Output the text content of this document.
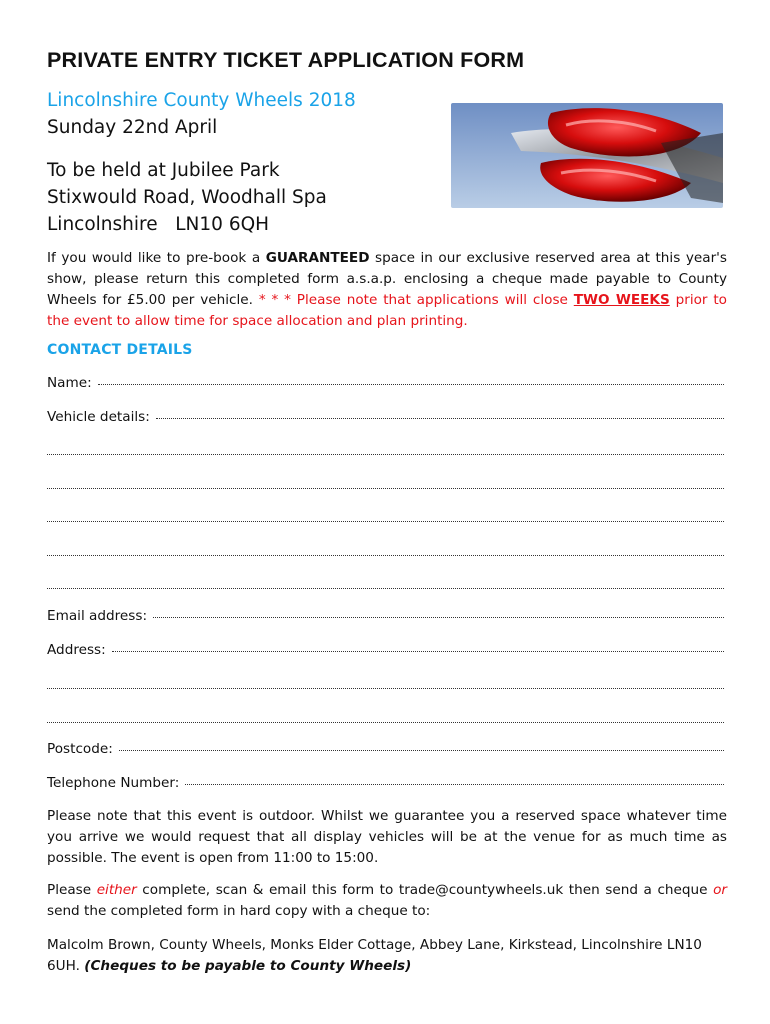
PRIVATE ENTRY TICKET APPLICATION FORM
Lincolnshire County Wheels 2018
Sunday 22nd April
To be held at Jubilee Park
Stixwould Road, Woodhall Spa
Lincolnshire   LN10 6QH

If you would like to pre-book a GUARANTEED space in our exclusive reserved area at this year's show, please return this completed form a.s.a.p. enclosing a cheque made payable to County Wheels for £5.00 per vehicle. * * * Please note that applications will close TWO WEEKS prior to the event to allow time for space allocation and plan printing.

CONTACT DETAILS
Name:
Vehicle details:
Email address:
Address:
Postcode:
Telephone Number:

Please note that this event is outdoor. Whilst we guarantee you a reserved space whatever time you arrive we would request that all display vehicles will be at the venue for as much time as possible. The event is open from 11:00 to 15:00.

Please either complete, scan & email this form to trade@countywheels.uk then send a cheque or send the completed form in hard copy with a cheque to:

Malcolm Brown, County Wheels, Monks Elder Cottage, Abbey Lane, Kirkstead, Lincolnshire LN10 6UH. (Cheques to be payable to County Wheels)
